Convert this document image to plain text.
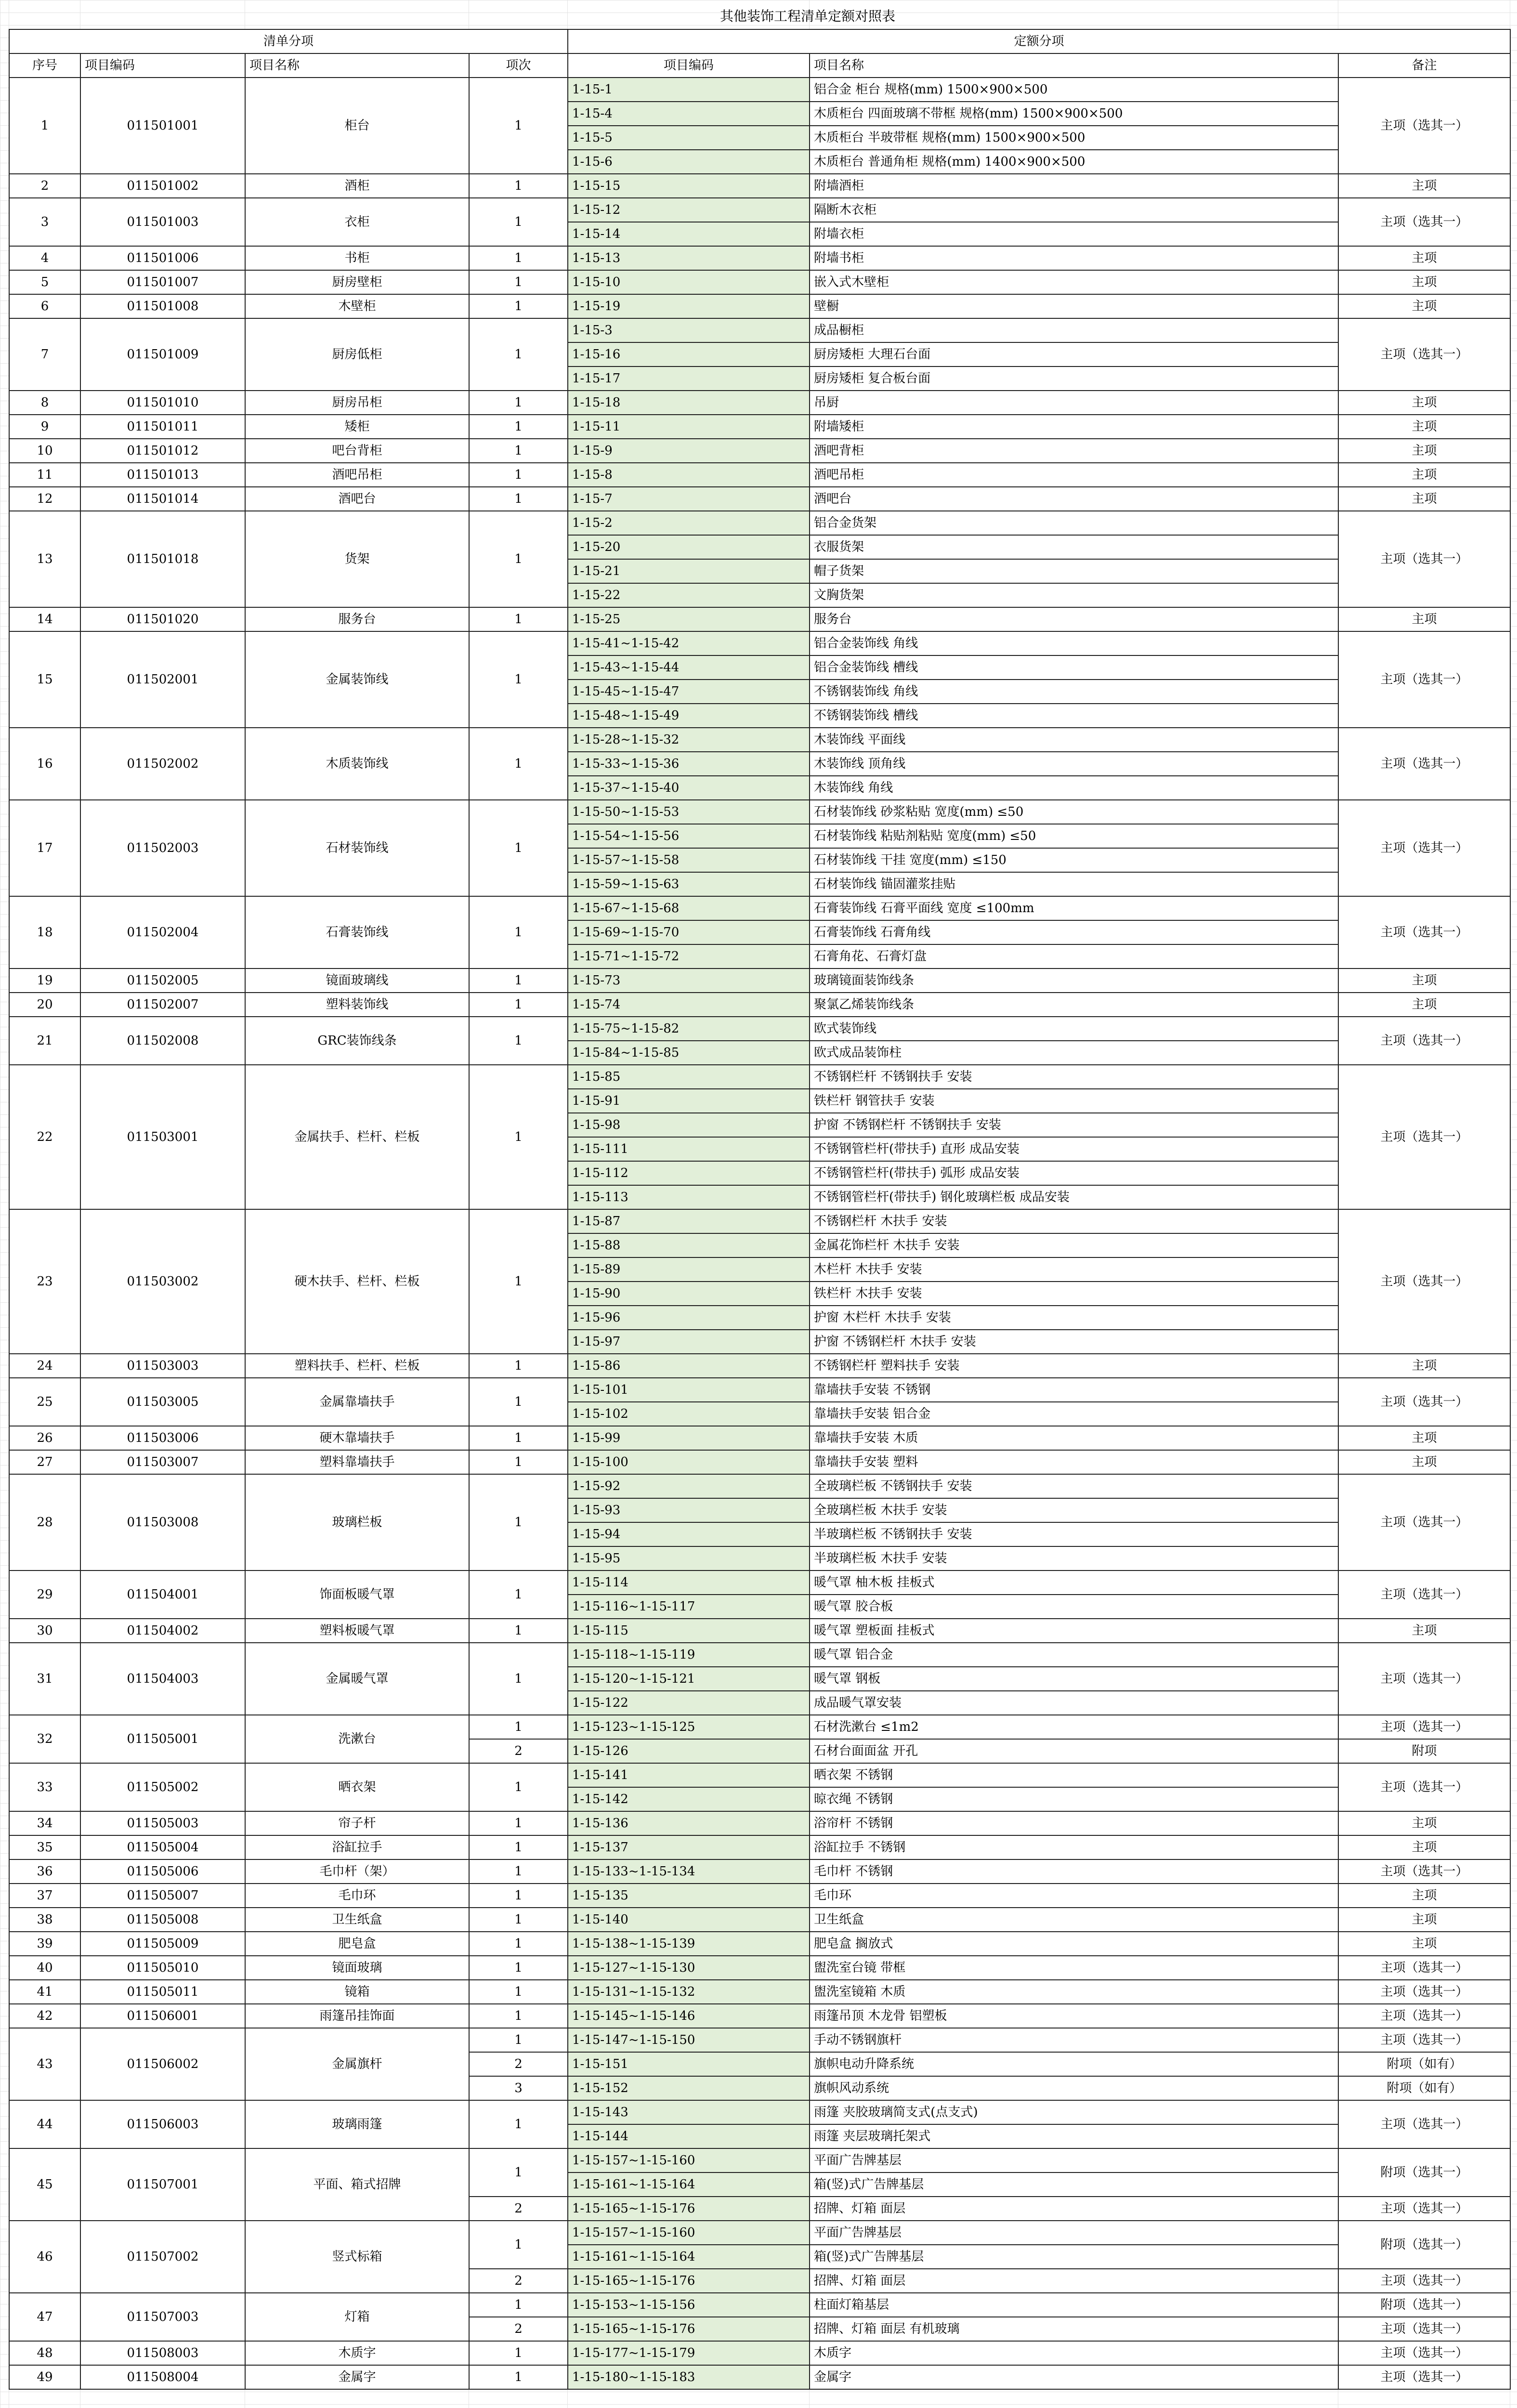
其他装饰工程清单定额对照表
清单分项				定额分项		
序号	项目编码	项目名称	项次	项目编码	项目名称	备注
1	011501001	柜台	1	1-15-1	铝合金 柜台 规格(mm) 1500×900×500	主项（选其一）
				1-15-4	木质柜台 四面玻璃不带框 规格(mm) 1500×900×500	
				1-15-5	木质柜台 半玻带框 规格(mm) 1500×900×500	
				1-15-6	木质柜台 普通角柜 规格(mm) 1400×900×500	
2	011501002	酒柜	1	1-15-15	附墙酒柜	主项
3	011501003	衣柜	1	1-15-12	隔断木衣柜	主项（选其一）
				1-15-14	附墙衣柜	
4	011501006	书柜	1	1-15-13	附墙书柜	主项
5	011501007	厨房壁柜	1	1-15-10	嵌入式木壁柜	主项
6	011501008	木壁柜	1	1-15-19	壁橱	主项
7	011501009	厨房低柜	1	1-15-3	成品橱柜	主项（选其一）
				1-15-16	厨房矮柜 大理石台面	
				1-15-17	厨房矮柜 复合板台面	
8	011501010	厨房吊柜	1	1-15-18	吊厨	主项
9	011501011	矮柜	1	1-15-11	附墙矮柜	主项
10	011501012	吧台背柜	1	1-15-9	酒吧背柜	主项
11	011501013	酒吧吊柜	1	1-15-8	酒吧吊柜	主项
12	011501014	酒吧台	1	1-15-7	酒吧台	主项
13	011501018	货架	1	1-15-2	铝合金货架	主项（选其一）
				1-15-20	衣服货架	
				1-15-21	帽子货架	
				1-15-22	文胸货架	
14	011501020	服务台	1	1-15-25	服务台	主项
15	011502001	金属装饰线	1	1-15-41~1-15-42	铝合金装饰线 角线	主项（选其一）
				1-15-43~1-15-44	铝合金装饰线 槽线	
				1-15-45~1-15-47	不锈钢装饰线 角线	
				1-15-48~1-15-49	不锈钢装饰线 槽线	
16	011502002	木质装饰线	1	1-15-28~1-15-32	木装饰线 平面线	主项（选其一）
				1-15-33~1-15-36	木装饰线 顶角线	
				1-15-37~1-15-40	木装饰线 角线	
17	011502003	石材装饰线	1	1-15-50~1-15-53	石材装饰线 砂浆粘贴 宽度(mm) ≤50	主项（选其一）
				1-15-54~1-15-56	石材装饰线 粘贴剂粘贴 宽度(mm) ≤50	
				1-15-57~1-15-58	石材装饰线 干挂 宽度(mm) ≤150	
				1-15-59~1-15-63	石材装饰线 锚固灌浆挂贴	
18	011502004	石膏装饰线	1	1-15-67~1-15-68	石膏装饰线 石膏平面线 宽度 ≤100mm	主项（选其一）
				1-15-69~1-15-70	石膏装饰线 石膏角线	
				1-15-71~1-15-72	石膏角花、石膏灯盘	
19	011502005	镜面玻璃线	1	1-15-73	玻璃镜面装饰线条	主项
20	011502007	塑料装饰线	1	1-15-74	聚氯乙烯装饰线条	主项
21	011502008	GRC装饰线条	1	1-15-75~1-15-82	欧式装饰线	主项（选其一）
				1-15-84~1-15-85	欧式成品装饰柱	
22	011503001	金属扶手、栏杆、栏板	1	1-15-85	不锈钢栏杆 不锈钢扶手 安装	主项（选其一）
				1-15-91	铁栏杆 钢管扶手 安装	
				1-15-98	护窗 不锈钢栏杆 不锈钢扶手 安装	
				1-15-111	不锈钢管栏杆(带扶手) 直形 成品安装	
				1-15-112	不锈钢管栏杆(带扶手) 弧形 成品安装	
				1-15-113	不锈钢管栏杆(带扶手) 钢化玻璃栏板 成品安装	
23	011503002	硬木扶手、栏杆、栏板	1	1-15-87	不锈钢栏杆 木扶手 安装	主项（选其一）
				1-15-88	金属花饰栏杆 木扶手 安装	
				1-15-89	木栏杆 木扶手 安装	
				1-15-90	铁栏杆 木扶手 安装	
				1-15-96	护窗 木栏杆 木扶手 安装	
				1-15-97	护窗 不锈钢栏杆 木扶手 安装	
24	011503003	塑料扶手、栏杆、栏板	1	1-15-86	不锈钢栏杆 塑料扶手 安装	主项
25	011503005	金属靠墙扶手	1	1-15-101	靠墙扶手安装 不锈钢	主项（选其一）
				1-15-102	靠墙扶手安装 铝合金	
26	011503006	硬木靠墙扶手	1	1-15-99	靠墙扶手安装 木质	主项
27	011503007	塑料靠墙扶手	1	1-15-100	靠墙扶手安装 塑料	主项
28	011503008	玻璃栏板	1	1-15-92	全玻璃栏板 不锈钢扶手 安装	主项（选其一）
				1-15-93	全玻璃栏板 木扶手 安装	
				1-15-94	半玻璃栏板 不锈钢扶手 安装	
				1-15-95	半玻璃栏板 木扶手 安装	
29	011504001	饰面板暖气罩	1	1-15-114	暖气罩 柚木板 挂板式	主项（选其一）
				1-15-116~1-15-117	暖气罩 胶合板	
30	011504002	塑料板暖气罩	1	1-15-115	暖气罩 塑板面 挂板式	主项
31	011504003	金属暖气罩	1	1-15-118~1-15-119	暖气罩 铝合金	主项（选其一）
				1-15-120~1-15-121	暖气罩 钢板	
				1-15-122	成品暖气罩安装	
32	011505001	洗漱台	1	1-15-123~1-15-125	石材洗漱台 ≤1m2	主项（选其一）
			2	1-15-126	石材台面面盆 开孔	附项
33	011505002	晒衣架	1	1-15-141	晒衣架 不锈钢	主项（选其一）
				1-15-142	晾衣绳 不锈钢	
34	011505003	帘子杆	1	1-15-136	浴帘杆 不锈钢	主项
35	011505004	浴缸拉手	1	1-15-137	浴缸拉手 不锈钢	主项
36	011505006	毛巾杆（架）	1	1-15-133~1-15-134	毛巾杆 不锈钢	主项（选其一）
37	011505007	毛巾环	1	1-15-135	毛巾环	主项
38	011505008	卫生纸盒	1	1-15-140	卫生纸盒	主项
39	011505009	肥皂盒	1	1-15-138~1-15-139	肥皂盒 搁放式	主项
40	011505010	镜面玻璃	1	1-15-127~1-15-130	盥洗室台镜 带框	主项（选其一）
41	011505011	镜箱	1	1-15-131~1-15-132	盥洗室镜箱 木质	主项（选其一）
42	011506001	雨篷吊挂饰面	1	1-15-145~1-15-146	雨篷吊顶 木龙骨 铝塑板	主项（选其一）
43	011506002	金属旗杆	1	1-15-147~1-15-150	手动不锈钢旗杆	主项（选其一）
			2	1-15-151	旗帜电动升降系统	附项（如有）
			3	1-15-152	旗帜风动系统	附项（如有）
44	011506003	玻璃雨篷	1	1-15-143	雨篷 夹胶玻璃简支式(点支式)	主项（选其一）
				1-15-144	雨篷 夹层玻璃托架式	
45	011507001	平面、箱式招牌	1	1-15-157~1-15-160	平面广告牌基层	附项（选其一）
				1-15-161~1-15-164	箱(竖)式广告牌基层	
			2	1-15-165~1-15-176	招牌、灯箱 面层	主项（选其一）
46	011507002	竖式标箱	1	1-15-157~1-15-160	平面广告牌基层	附项（选其一）
				1-15-161~1-15-164	箱(竖)式广告牌基层	
			2	1-15-165~1-15-176	招牌、灯箱 面层	主项（选其一）
47	011507003	灯箱	1	1-15-153~1-15-156	柱面灯箱基层	附项（选其一）
			2	1-15-165~1-15-176	招牌、灯箱 面层 有机玻璃	主项（选其一）
48	011508003	木质字	1	1-15-177~1-15-179	木质字	主项（选其一）
49	011508004	金属字	1	1-15-180~1-15-183	金属字	主项（选其一）
